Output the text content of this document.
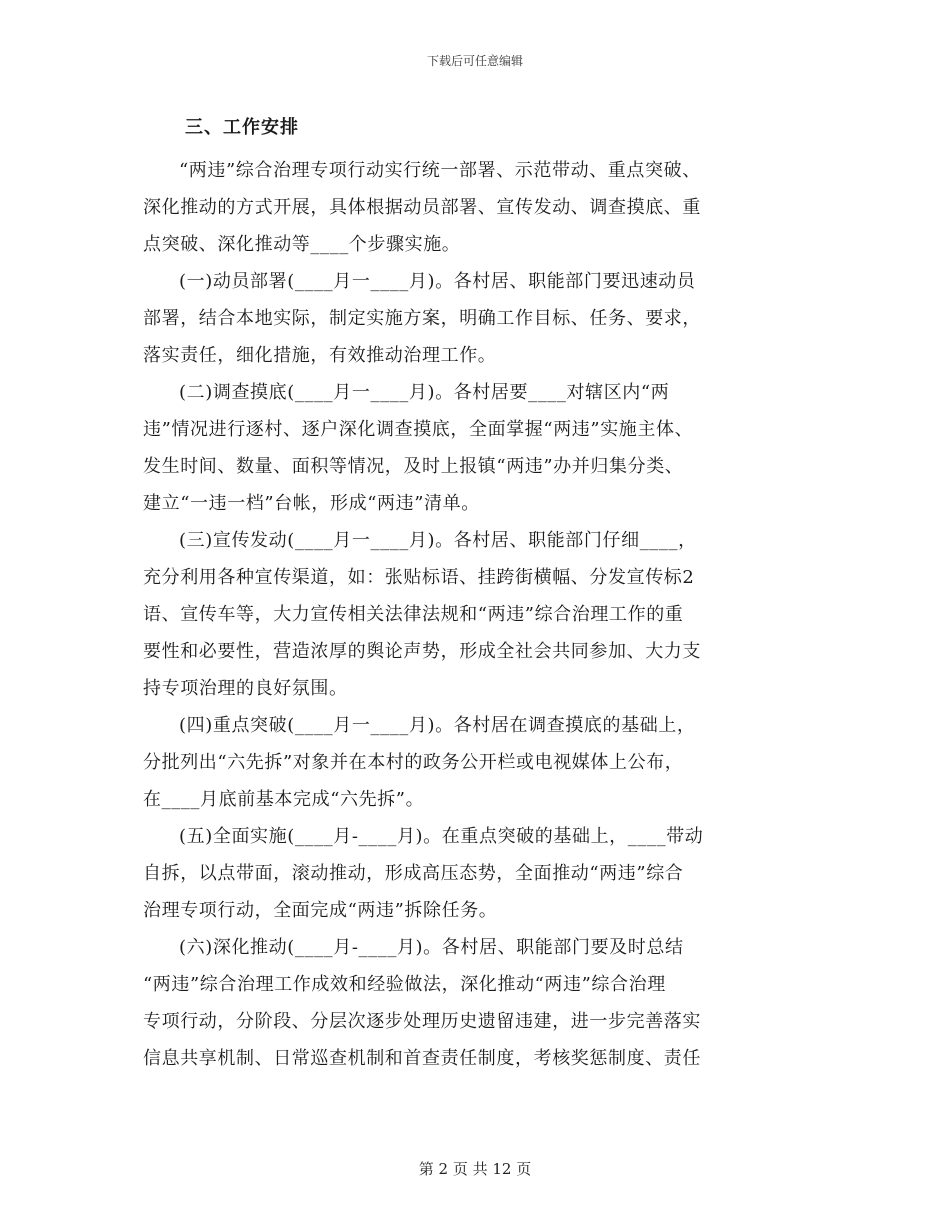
下载后可任意编辑
三、工作安排
“两违”综合治理专项行动实行统一部署、示范带动、重点突破、
深化推动的方式开展，具体根据动员部署、宣传发动、调查摸底、重
点突破、深化推动等____个步骤实施。
(一)动员部署(____月一____月)。各村居、职能部门要迅速动员
部署，结合本地实际，制定实施方案，明确工作目标、任务、要求，
落实责任，细化措施，有效推动治理工作。
(二)调查摸底(____月一____月)。各村居要____对辖区内“两
违”情况进行逐村、逐户深化调查摸底，全面掌握“两违”实施主体、
发生时间、数量、面积等情况，及时上报镇“两违”办并归集分类、
建立“一违一档”台帐，形成“两违”清单。
(三)宣传发动(____月一____月)。各村居、职能部门仔细____，
充分利用各种宣传渠道，如：张贴标语、挂跨街横幅、分发宣传标2
语、宣传车等，大力宣传相关法律法规和“两违”综合治理工作的重
要性和必要性，营造浓厚的舆论声势，形成全社会共同参加、大力支
持专项治理的良好氛围。
(四)重点突破(____月一____月)。各村居在调查摸底的基础上，
分批列出“六先拆”对象并在本村的政务公开栏或电视媒体上公布，
在____月底前基本完成“六先拆”。
(五)全面实施(____月-____月)。在重点突破的基础上，____带动
自拆，以点带面，滚动推动，形成高压态势，全面推动“两违”综合
治理专项行动，全面完成“两违”拆除任务。
(六)深化推动(____月-____月)。各村居、职能部门要及时总结
“两违”综合治理工作成效和经验做法，深化推动“两违”综合治理
专项行动，分阶段、分层次逐步处理历史遗留违建，进一步完善落实
信息共享机制、日常巡查机制和首查责任制度，考核奖惩制度、责任
第 2 页 共 12 页
